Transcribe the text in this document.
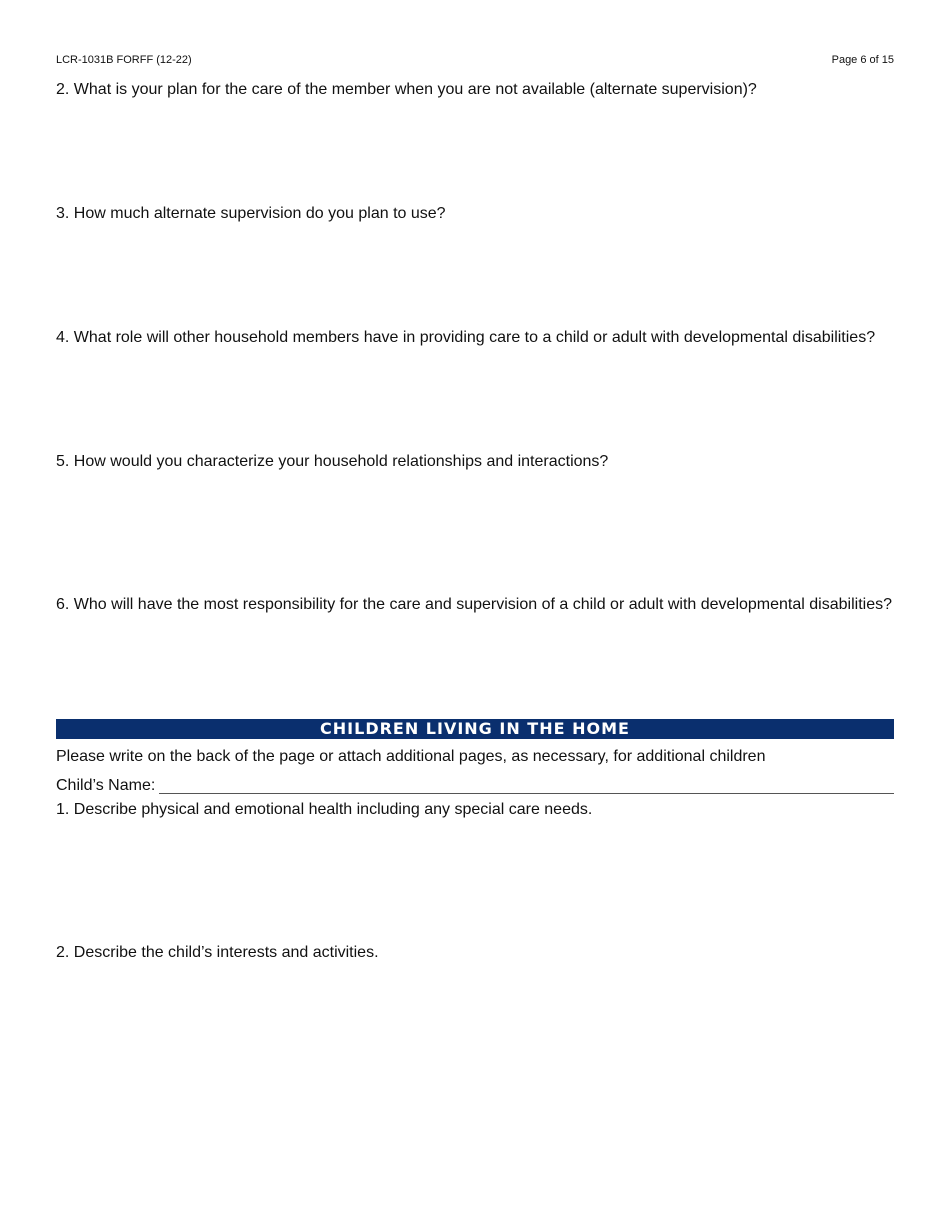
LCR-1031B FORFF (12-22)	Page 6 of 15
2. What is your plan for the care of the member when you are not available (alternate supervision)?
3. How much alternate supervision do you plan to use?
4. What role will other household members have in providing care to a child or adult with developmental disabilities?
5. How would you characterize your household relationships and interactions?
6. Who will have the most responsibility for the care and supervision of a child or adult with developmental disabilities?
CHILDREN LIVING IN THE HOME
Please write on the back of the page or attach additional pages, as necessary, for additional children
Child’s Name:
1. Describe physical and emotional health including any special care needs.
2. Describe the child’s interests and activities.
